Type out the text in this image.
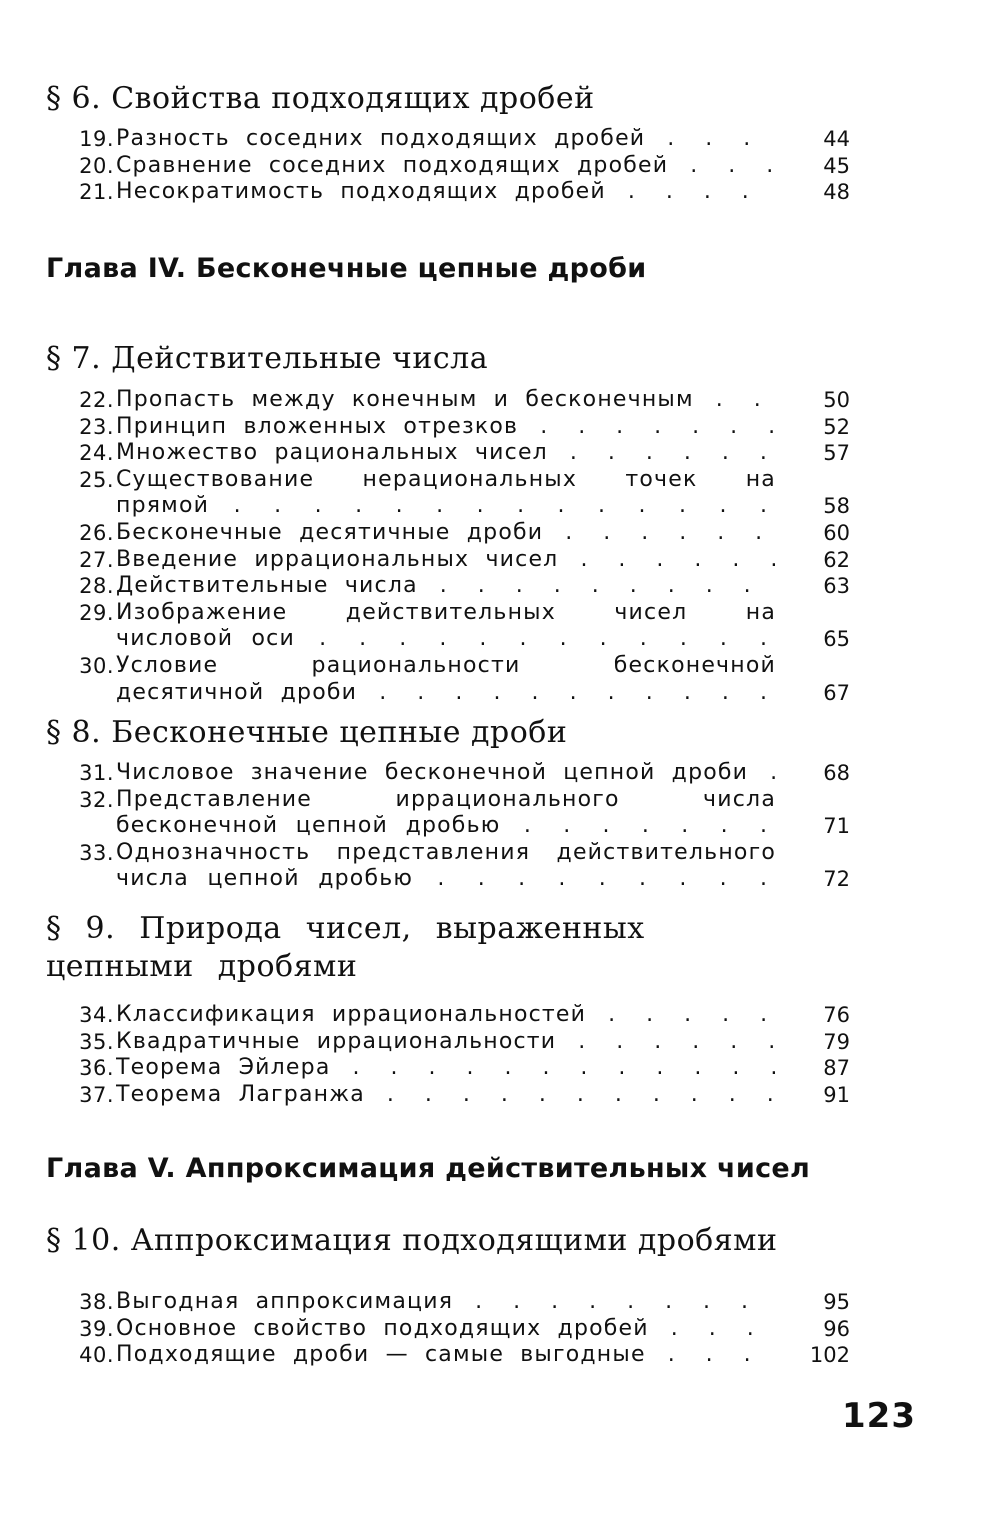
§ 6. Свойства подходящих дробей
19. Разность соседних подходящих дробей . . .	44
20. Сравнение соседних подходящих дробей . . .	45
21. Несократимость подходящих дробей . . .	48
Глава IV. Бесконечные цепные дроби
§ 7. Действительные числа
22. Пропасть между конечным и бесконечным . . .	50
23. Принцип вложенных отрезков . . .	52
24. Множество рациональных чисел . . .	57
25. Существование нерациональных точек на прямой . . .	58
26. Бесконечные десятичные дроби . . .	60
27. Введение иррациональных чисел . . .	62
28. Действительные числа . . .	63
29. Изображение действительных чисел на числовой оси . . .	65
30. Условие рациональности бесконечной десятичной дроби . . .	67
§ 8. Бесконечные цепные дроби
31. Числовое значение бесконечной цепной дроби . . .	68
32. Представление иррационального числа бесконечной цепной дробью . . .	71
33. Однозначность представления действительного числа цепной дробью . . .	72
§ 9. Природа чисел, выраженных цепными дробями
34. Классификация иррациональностей . . .	76
35. Квадратичные иррациональности . . .	79
36. Теорема Эйлера . . .	87
37. Теорема Лагранжа . . .	91
Глава V. Аппроксимация действительных чисел
§ 10. Аппроксимация подходящими дробями
38. Выгодная аппроксимация . . .	95
39. Основное свойство подходящих дробей . . .	96
40. Подходящие дроби — самые выгодные . . .	102
123
